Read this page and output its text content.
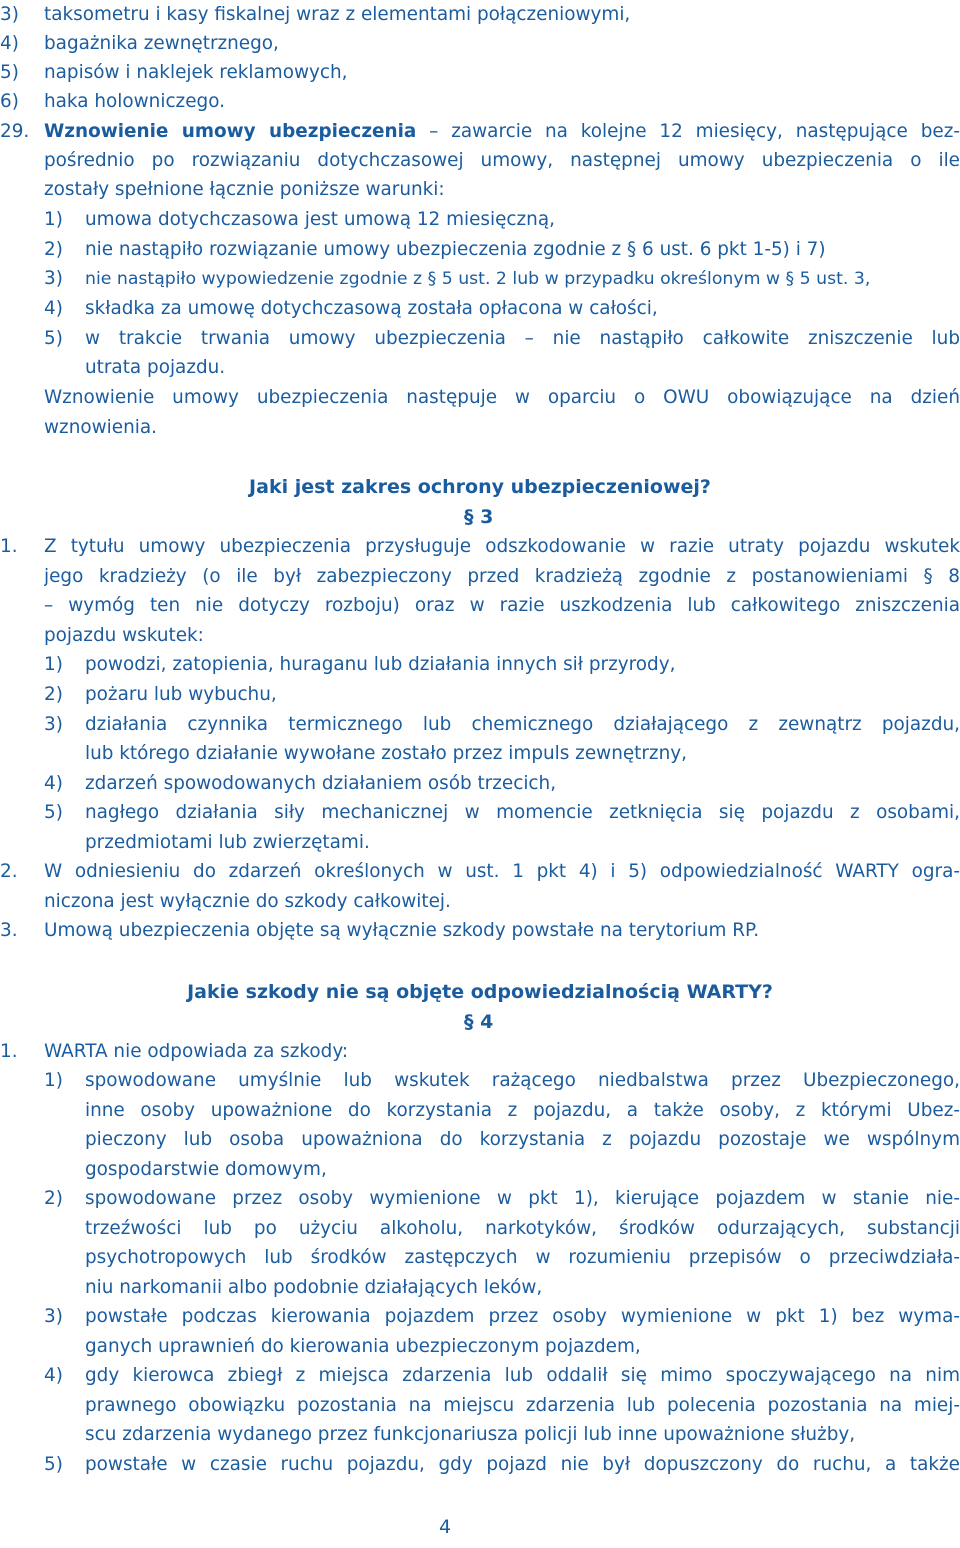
3) taksometru i kasy fiskalnej wraz z elementami połączeniowymi,
4) bagażnika zewnętrznego,
5) napisów i naklejek reklamowych,
6) haka holowniczego.
29. Wznowienie umowy ubezpieczenia – zawarcie na kolejne 12 miesięcy, następujące bez-
pośrednio po rozwiązaniu dotychczasowej umowy, następnej umowy ubezpieczenia o ile
zostały spełnione łącznie poniższe warunki:
1)	umowa dotychczasowa jest umową 12 miesięczną,
2)	nie nastąpiło rozwiązanie umowy ubezpieczenia zgodnie z § 6 ust. 6 pkt 1-5) i 7)
3)	nie nastąpiło wypowiedzenie zgodnie z § 5 ust. 2 lub w przypadku określonym w § 5 ust. 3,
4)	składka za umowę dotychczasową została opłacona w całości,
5)	w trakcie trwania umowy ubezpieczenia – nie nastąpiło całkowite zniszczenie lub
utrata pojazdu.
Wznowienie umowy ubezpieczenia następuje w oparciu o OWU obowiązujące na dzień
wznowienia.
Jaki jest zakres ochrony ubezpieczeniowej?
§ 3
1. Z tytułu umowy ubezpieczenia przysługuje odszkodowanie w razie utraty pojazdu wskutek
jego kradzieży (o ile był zabezpieczony przed kradzieżą zgodnie z postanowieniami § 8
– wymóg ten nie dotyczy rozboju) oraz w razie uszkodzenia lub całkowitego zniszczenia
pojazdu wskutek:
1)	powodzi, zatopienia, huraganu lub działania innych sił przyrody,
2)	pożaru lub wybuchu,
3)	działania czynnika termicznego lub chemicznego działającego z zewnątrz pojazdu,
lub którego działanie wywołane zostało przez impuls zewnętrzny,
4)	zdarzeń spowodowanych działaniem osób trzecich,
5)	nagłego działania siły mechanicznej w momencie zetknięcia się pojazdu z osobami,
przedmiotami lub zwierzętami.
2. W odniesieniu do zdarzeń określonych w ust. 1 pkt 4) i 5) odpowiedzialność WARTY ogra-
niczona jest wyłącznie do szkody całkowitej.
3. Umową ubezpieczenia objęte są wyłącznie szkody powstałe na terytorium RP.
Jakie szkody nie są objęte odpowiedzialnością WARTY?
§ 4
1. WARTA nie odpowiada za szkody:
1)	spowodowane umyślnie lub wskutek rażącego niedbalstwa przez Ubezpieczonego,
inne osoby upoważnione do korzystania z pojazdu, a także osoby, z którymi Ubez-
pieczony lub osoba upoważniona do korzystania z pojazdu pozostaje we wspólnym
gospodarstwie domowym,
2)	spowodowane przez osoby wymienione w pkt 1), kierujące pojazdem w stanie nie-
trzeźwości lub po użyciu alkoholu, narkotyków, środków odurzających, substancji
psychotropowych lub środków zastępczych w rozumieniu przepisów o przeciwdziała-
niu narkomanii albo podobnie działających leków,
3)	powstałe podczas kierowania pojazdem przez osoby wymienione w pkt 1) bez wyma-
ganych uprawnień do kierowania ubezpieczonym pojazdem,
4)	gdy kierowca zbiegł z miejsca zdarzenia lub oddalił się mimo spoczywającego na nim
prawnego obowiązku pozostania na miejscu zdarzenia lub polecenia pozostania na miej-
scu zdarzenia wydanego przez funkcjonariusza policji lub inne upoważnione służby,
5)	powstałe w czasie ruchu pojazdu, gdy pojazd nie był dopuszczony do ruchu, a także
4
